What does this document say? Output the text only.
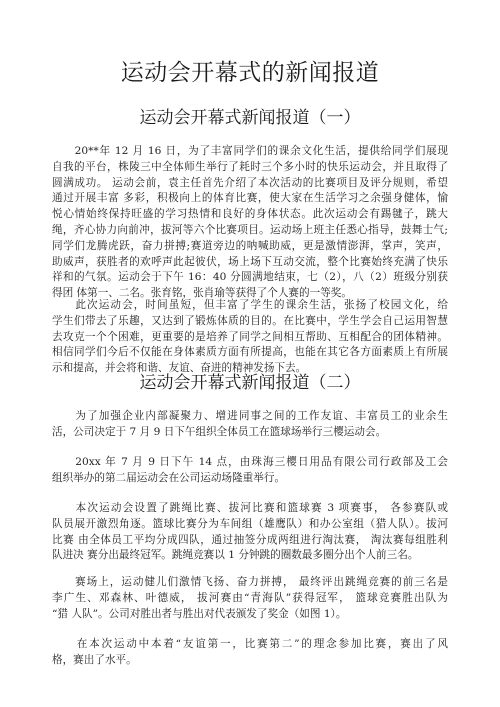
运动会开幕式的新闻报道
运动会开幕式新闻报道（一）
　　20**年 12 月 16 日，为了丰富同学们的课余文化生活，提供给同学们展现
自我的平台，株陵三中全体师生举行了耗时三个多小时的快乐运动会，并且取得了
圆满成功。 运动会前，袁主任首先介绍了本次活动的比赛项目及评分规则，希望
通过开展丰富 多彩，积极向上的体育比赛，使大家在生活学习之余强身健体，愉
悦心情始终保持旺盛的学习热情和良好的身体状态。此次运动会有踢毽子，跳大
绳，齐心协力向前冲，拔河等六个比赛项目。运动场上班主任悉心指导，鼓舞士气;
同学们龙腾虎跃，奋力拼搏;赛道旁边的呐喊助威，更是激情澎湃，掌声，笑声，
助威声，获胜者的欢呼声此起彼伏，场上场下互动交流，整个比赛始终充满了快乐
祥和的气氛。运动会于下午 16：40 分圆满地结束，七（2），八（2）班级分别获
得团 体第一、二名。张育铭，张肖瑜等获得了个人赛的一等奖。
　　此次运动会，时间虽短，但丰富了学生的课余生活，张扬了校园文化，给
学生们带去了乐趣，又达到了锻炼体质的目的。在比赛中，学生学会自己运用智慧
去攻克一个个困难，更重要的是培养了同学之间相互帮助、互相配合的团体精神。
相信同学们今后不仅能在身体素质方面有所提高，也能在其它各方面素质上有所展
示和提高，并会将和谐、友谊、奋进的精神发扬下去。
运动会开幕式新闻报道（二）
　　为了加强企业内部凝聚力、增进同事之间的工作友谊、丰富员工的业余生
活，公司决定于 7 月 9 日下午组织全体员工在篮球场举行三樱运动会。
　　20xx 年 7 月 9 日下午 14 点，由珠海三樱日用品有限公司行政部及工会
组织举办的第二届运动会在公司运动场隆重举行。
　　本次运动会设置了跳绳比赛、拔河比赛和篮球赛 3 项赛事， 各参赛队或
队员展开激烈角逐。篮球比赛分为车间组（雄鹰队）和办公室组（猎人队）。拔河
比赛 由全体员工平均分成四队，通过抽签分成两组进行淘汰赛， 淘汰赛每组胜利
队进决 赛分出最终冠军。跳绳竞赛以 1 分钟跳的圈数最多圈分出个人前三名。
　　赛场上，运动健儿们激情飞扬、奋力拼搏， 最终评出跳绳竞赛的前三名是
李广生、邓森林、叶德威， 拔河赛由“青海队”获得冠军， 篮球竞赛胜出队为
“猎 人队”。公司对胜出者与胜出对代表颁发了奖金（如图 1）。
　　在本次运动中本着“友谊第一，比赛第二”的理念参加比赛，赛出了风
格，赛出了水平。
